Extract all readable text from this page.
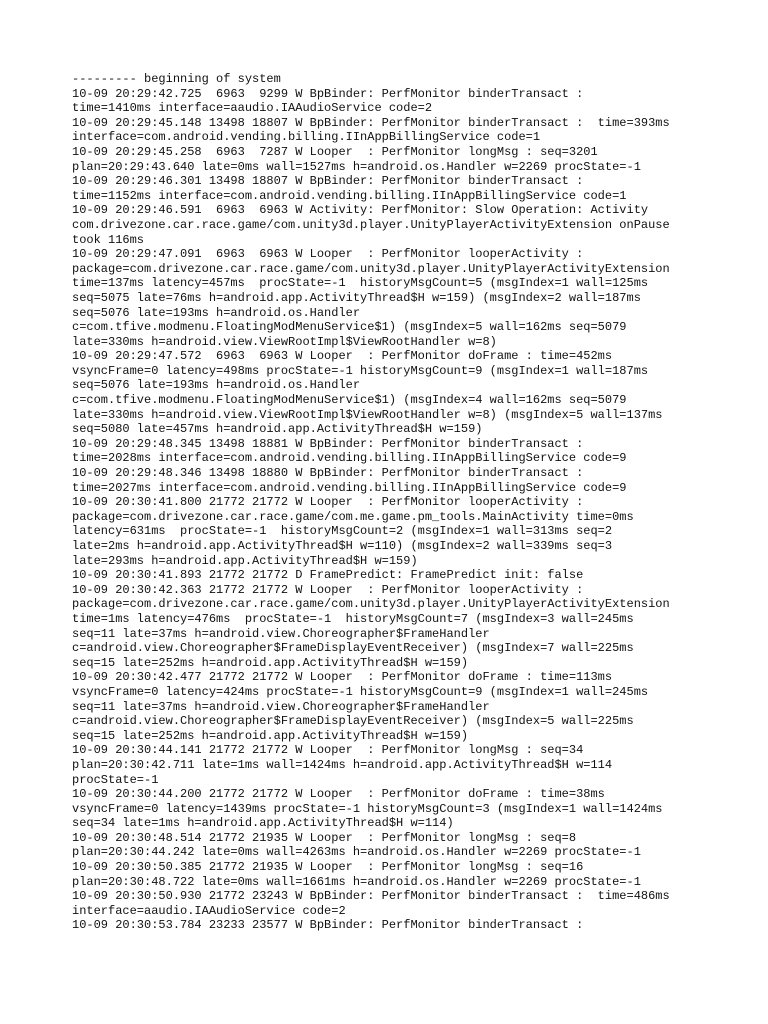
--------- beginning of system
10-09 20:29:42.725  6963  9299 W BpBinder: PerfMonitor binderTransact :
time=1410ms interface=aaudio.IAAudioService code=2
10-09 20:29:45.148 13498 18807 W BpBinder: PerfMonitor binderTransact :  time=393ms
interface=com.android.vending.billing.IInAppBillingService code=1
10-09 20:29:45.258  6963  7287 W Looper  : PerfMonitor longMsg : seq=3201
plan=20:29:43.640 late=0ms wall=1527ms h=android.os.Handler w=2269 procState=-1
10-09 20:29:46.301 13498 18807 W BpBinder: PerfMonitor binderTransact :
time=1152ms interface=com.android.vending.billing.IInAppBillingService code=1
10-09 20:29:46.591  6963  6963 W Activity: PerfMonitor: Slow Operation: Activity
com.drivezone.car.race.game/com.unity3d.player.UnityPlayerActivityExtension onPause
took 116ms
10-09 20:29:47.091  6963  6963 W Looper  : PerfMonitor looperActivity :
package=com.drivezone.car.race.game/com.unity3d.player.UnityPlayerActivityExtension
time=137ms latency=457ms  procState=-1  historyMsgCount=5 (msgIndex=1 wall=125ms
seq=5075 late=76ms h=android.app.ActivityThread$H w=159) (msgIndex=2 wall=187ms
seq=5076 late=193ms h=android.os.Handler
c=com.tfive.modmenu.FloatingModMenuService$1) (msgIndex=5 wall=162ms seq=5079
late=330ms h=android.view.ViewRootImpl$ViewRootHandler w=8)
10-09 20:29:47.572  6963  6963 W Looper  : PerfMonitor doFrame : time=452ms
vsyncFrame=0 latency=498ms procState=-1 historyMsgCount=9 (msgIndex=1 wall=187ms
seq=5076 late=193ms h=android.os.Handler
c=com.tfive.modmenu.FloatingModMenuService$1) (msgIndex=4 wall=162ms seq=5079
late=330ms h=android.view.ViewRootImpl$ViewRootHandler w=8) (msgIndex=5 wall=137ms
seq=5080 late=457ms h=android.app.ActivityThread$H w=159)
10-09 20:29:48.345 13498 18881 W BpBinder: PerfMonitor binderTransact :
time=2028ms interface=com.android.vending.billing.IInAppBillingService code=9
10-09 20:29:48.346 13498 18880 W BpBinder: PerfMonitor binderTransact :
time=2027ms interface=com.android.vending.billing.IInAppBillingService code=9
10-09 20:30:41.800 21772 21772 W Looper  : PerfMonitor looperActivity :
package=com.drivezone.car.race.game/com.me.game.pm_tools.MainActivity time=0ms
latency=631ms  procState=-1  historyMsgCount=2 (msgIndex=1 wall=313ms seq=2
late=2ms h=android.app.ActivityThread$H w=110) (msgIndex=2 wall=339ms seq=3
late=293ms h=android.app.ActivityThread$H w=159)
10-09 20:30:41.893 21772 21772 D FramePredict: FramePredict init: false
10-09 20:30:42.363 21772 21772 W Looper  : PerfMonitor looperActivity :
package=com.drivezone.car.race.game/com.unity3d.player.UnityPlayerActivityExtension
time=1ms latency=476ms  procState=-1  historyMsgCount=7 (msgIndex=3 wall=245ms
seq=11 late=37ms h=android.view.Choreographer$FrameHandler
c=android.view.Choreographer$FrameDisplayEventReceiver) (msgIndex=7 wall=225ms
seq=15 late=252ms h=android.app.ActivityThread$H w=159)
10-09 20:30:42.477 21772 21772 W Looper  : PerfMonitor doFrame : time=113ms
vsyncFrame=0 latency=424ms procState=-1 historyMsgCount=9 (msgIndex=1 wall=245ms
seq=11 late=37ms h=android.view.Choreographer$FrameHandler
c=android.view.Choreographer$FrameDisplayEventReceiver) (msgIndex=5 wall=225ms
seq=15 late=252ms h=android.app.ActivityThread$H w=159)
10-09 20:30:44.141 21772 21772 W Looper  : PerfMonitor longMsg : seq=34
plan=20:30:42.711 late=1ms wall=1424ms h=android.app.ActivityThread$H w=114
procState=-1
10-09 20:30:44.200 21772 21772 W Looper  : PerfMonitor doFrame : time=38ms
vsyncFrame=0 latency=1439ms procState=-1 historyMsgCount=3 (msgIndex=1 wall=1424ms
seq=34 late=1ms h=android.app.ActivityThread$H w=114)
10-09 20:30:48.514 21772 21935 W Looper  : PerfMonitor longMsg : seq=8
plan=20:30:44.242 late=0ms wall=4263ms h=android.os.Handler w=2269 procState=-1
10-09 20:30:50.385 21772 21935 W Looper  : PerfMonitor longMsg : seq=16
plan=20:30:48.722 late=0ms wall=1661ms h=android.os.Handler w=2269 procState=-1
10-09 20:30:50.930 21772 23243 W BpBinder: PerfMonitor binderTransact :  time=486ms
interface=aaudio.IAAudioService code=2
10-09 20:30:53.784 23233 23577 W BpBinder: PerfMonitor binderTransact :
